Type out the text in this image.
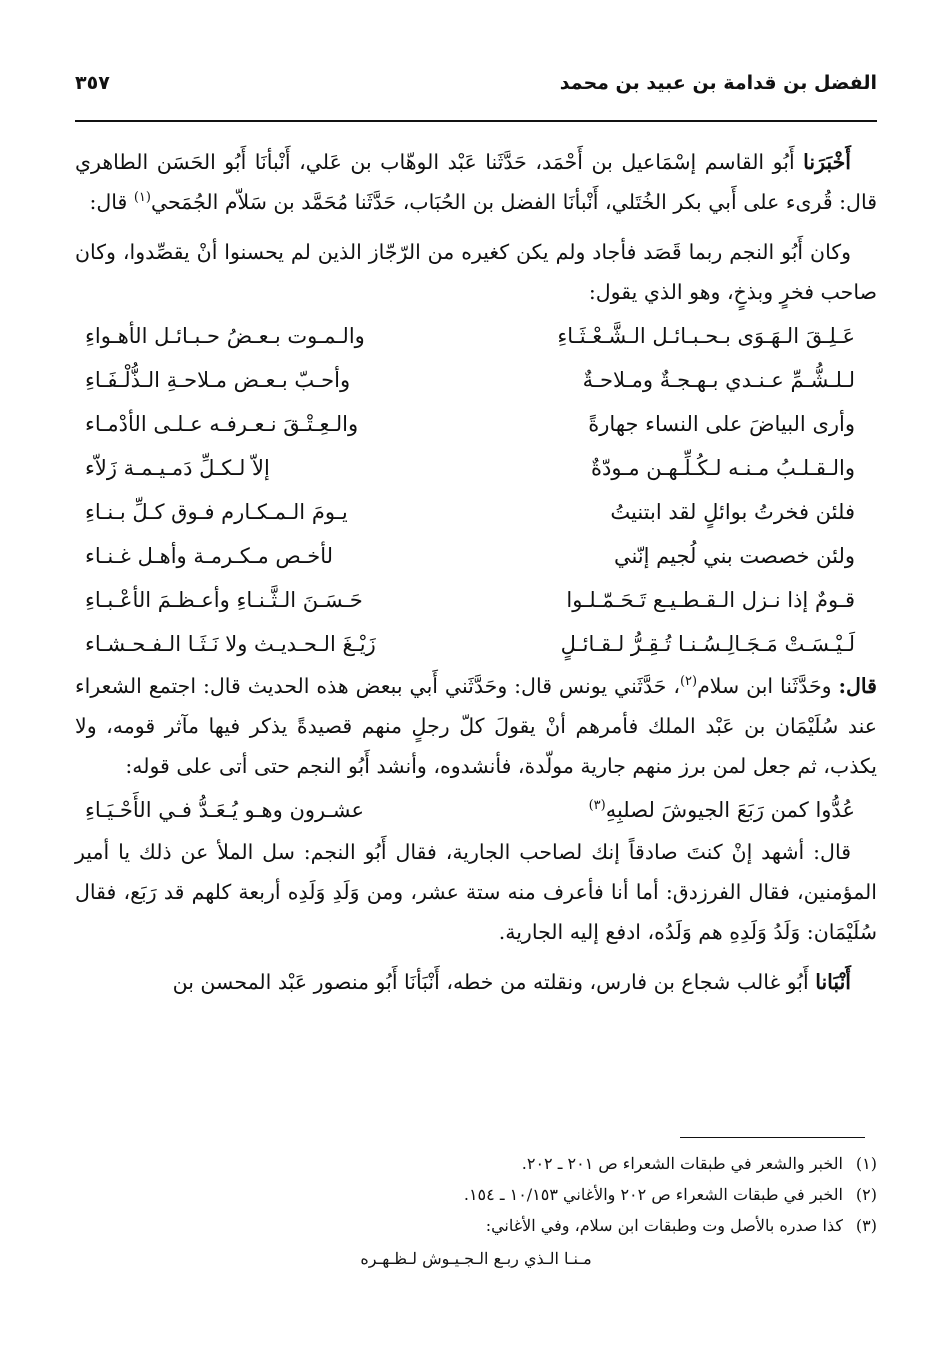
الفضل بن قدامة بن عبيد بن محمد
٣٥٧

أَخْبَرَنا أَبُو القاسم إسْمَاعيل بن أَحْمَد، حَدَّثَنا عَبْد الوهّاب بن عَلي، أَنْبأنَا أَبُو الحَسَن الطاهري قال: قُرىء على أَبي بكر الخُتَلي، أَنْبأنَا الفضل بن الحُبَاب، حَدَّثَنا مُحَمَّد بن سَلاّم الجُمَحي$^{(١)}$ قال:

وكان أَبُو النجم ربما قَصَد فأجاد ولم يكن كغيره من الرّجّاز الذين لم يحسنوا أنْ يقصِّدوا، وكان صاحب فخرٍ وبذخٍ، وهو الذي يقول:

عَـلِـقَ الـهَـوَى بـحـبـائـل الـشَّـعْـثَـاءِ
والـمـوت بـعـضُ حـبـائـل الأهـواءِ
لـلـشُّـمِّ عـنـدي بـهـجـةٌ ومـلاحـةٌ
وأحـبّ بـعـض مـلاحـةِ الـذُّلْـفَـاءِ
وأرى البياضَ على النساء جهارةً
والـعِـتْـقَ نـعـرفـه عـلـى الأدْمـاء
والـقـلـبُ مـنـه لـكُـلِّـهـن مـودّةٌ
إلاّ لـكـلِّ دَمـيـمـة زَلاّء
فلئن فخرتُ بوائلٍ لقد ابتنيتُ
يـومَ الـمـكـارم فـوق كـلِّ بـنـاءِ
ولئن خصصت بني لُجيم إنّني
لأخـص مـكـرمـة وأهـل غـنـاء
قـومٌ إذا نـزل الـقـطـيـع تَـحَـمّـلـوا
حَـسَـنَ الـثَّـنـاءِ وأعـظـمَ الأعْـبـاءِ
لَـيْـسَـتْ مَـجَـالِـسُـنـا تُـقِـرُّ لـقـائـلٍ
زَيْـغَ الـحـديـث ولا نَـثَـا الـفـحـشـاء

قال: وحَدَّثَنا ابن سلام$^{(٢)}$، حَدَّثَني يونس قال: وحَدَّثَني أَبي ببعض هذه الحديث قال: اجتمع الشعراء عند سُلَيْمَان بن عَبْد الملك فأمرهم أنْ يقولَ كلّ رجلٍ منهم قصيدةً يذكر فيها مآثر قومه، ولا يكذب، ثم جعل لمن برز منهم جارية مولّدة، فأنشدوه، وأنشد أَبُو النجم حتى أتى على قوله:

عُدُّوا كمن رَبَعَ الجيوشَ لصلبِهِ$^{(٣)}$
عشـرون وهـو يُـعَـدُّ فـي الأَحْـيَـاءِ

قال: أشهد إنْ كنتَ صادقاً إنك لصاحب الجارية، فقال أَبُو النجم: سل الملأ عن ذلك يا أمير المؤمنين، فقال الفرزدق: أما أنا فأعرف منه ستة عشر، ومن وَلَدِ وَلَدِه أربعة كلهم قد رَبَع، فقال سُلَيْمَان: وَلَدُ وَلَدِهِ هم وَلَدُه، ادفع إليه الجارية.

أَنْبَانا أَبُو غالب شجاع بن فارس، ونقلته من خطه، أَنْبَأنَا أَبُو منصور عَبْد المحسن بن

(١)الخبر والشعر في طبقات الشعراء ص ٢٠١ ـ ٢٠٢.
(٢)الخبر في طبقات الشعراء ص ٢٠٢ والأغاني ١٠/١٥٣ ـ ١٥٤.
(٣)كذا صدره بالأصل وت وطبقات ابن سلام، وفي الأغاني:
مـنـا الـذي ربـع الـجـيـوش لـظـهـره
